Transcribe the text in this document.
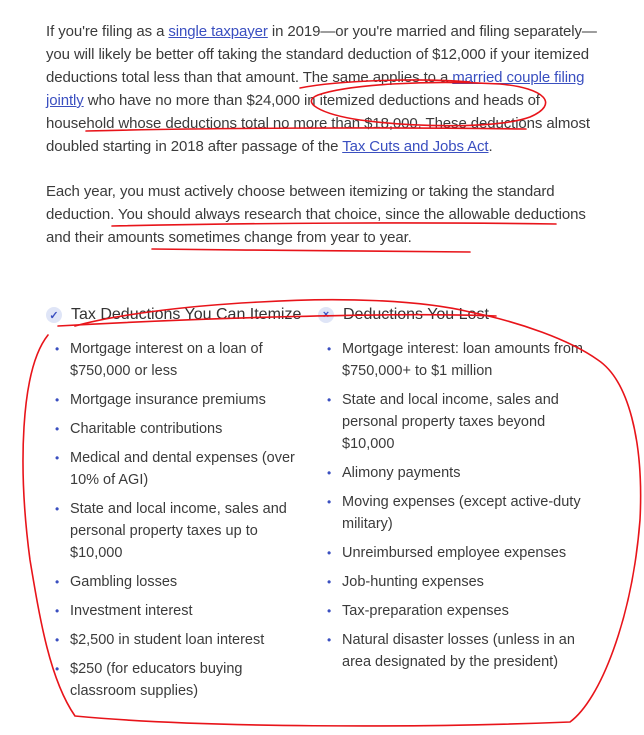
If you're filing as a single taxpayer in 2019—or you're married and filing separately—you will likely be better off taking the standard deduction of $12,000 if your itemized deductions total less than that amount. The same applies to a married couple filing jointly who have no more than $24,000 in itemized deductions and heads of household whose deductions total no more than $18,000. These deductions almost doubled starting in 2018 after passage of the Tax Cuts and Jobs Act.

Each year, you must actively choose between itemizing or taking the standard deduction. You should always research that choice, since the allowable deductions and their amounts sometimes change from year to year.

✓ Tax Deductions You Can Itemize
• Mortgage interest on a loan of $750,000 or less
• Mortgage insurance premiums
• Charitable contributions
• Medical and dental expenses (over 10% of AGI)
• State and local income, sales and personal property taxes up to $10,000
• Gambling losses
• Investment interest
• $2,500 in student loan interest
• $250 (for educators buying classroom supplies)
× Deductions You Lost
• Mortgage interest: loan amounts from $750,000+ to $1 million
• State and local income, sales and personal property taxes beyond $10,000
• Alimony payments
• Moving expenses (except active-duty military)
• Unreimbursed employee expenses
• Job-hunting expenses
• Tax-preparation expenses
• Natural disaster losses (unless in an area designated by the president)
